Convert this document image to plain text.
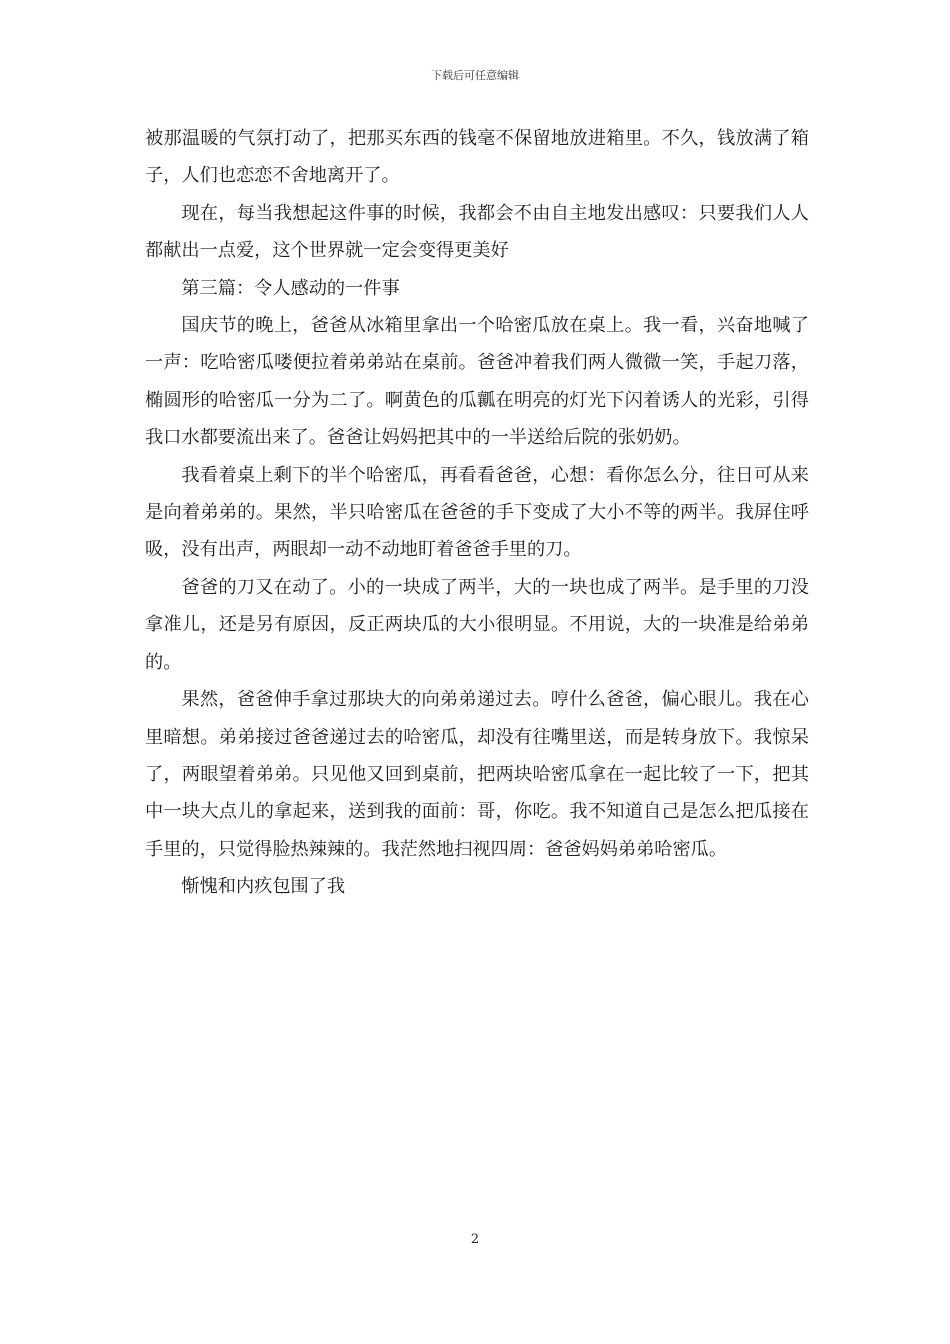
下载后可任意编辑

被那温暖的气氛打动了，把那买东西的钱毫不保留地放进箱里。不久，钱放满了箱子，人们也恋恋不舍地离开了。

现在，每当我想起这件事的时候，我都会不由自主地发出感叹：只要我们人人都献出一点爱，这个世界就一定会变得更美好

第三篇：令人感动的一件事

国庆节的晚上，爸爸从冰箱里拿出一个哈密瓜放在桌上。我一看，兴奋地喊了一声：吃哈密瓜喽便拉着弟弟站在桌前。爸爸冲着我们两人微微一笑，手起刀落，椭圆形的哈密瓜一分为二了。啊黄色的瓜瓤在明亮的灯光下闪着诱人的光彩，引得我口水都要流出来了。爸爸让妈妈把其中的一半送给后院的张奶奶。

我看着桌上剩下的半个哈密瓜，再看看爸爸，心想：看你怎么分，往日可从来是向着弟弟的。果然，半只哈密瓜在爸爸的手下变成了大小不等的两半。我屏住呼吸，没有出声，两眼却一动不动地盯着爸爸手里的刀。

爸爸的刀又在动了。小的一块成了两半，大的一块也成了两半。是手里的刀没拿准儿，还是另有原因，反正两块瓜的大小很明显。不用说，大的一块准是给弟弟的。

果然，爸爸伸手拿过那块大的向弟弟递过去。哼什么爸爸，偏心眼儿。我在心里暗想。弟弟接过爸爸递过去的哈密瓜，却没有往嘴里送，而是转身放下。我惊呆了，两眼望着弟弟。只见他又回到桌前，把两块哈密瓜拿在一起比较了一下，把其中一块大点儿的拿起来，送到我的面前：哥，你吃。我不知道自己是怎么把瓜接在手里的，只觉得脸热辣辣的。我茫然地扫视四周：爸爸妈妈弟弟哈密瓜。

惭愧和内疚包围了我

2
